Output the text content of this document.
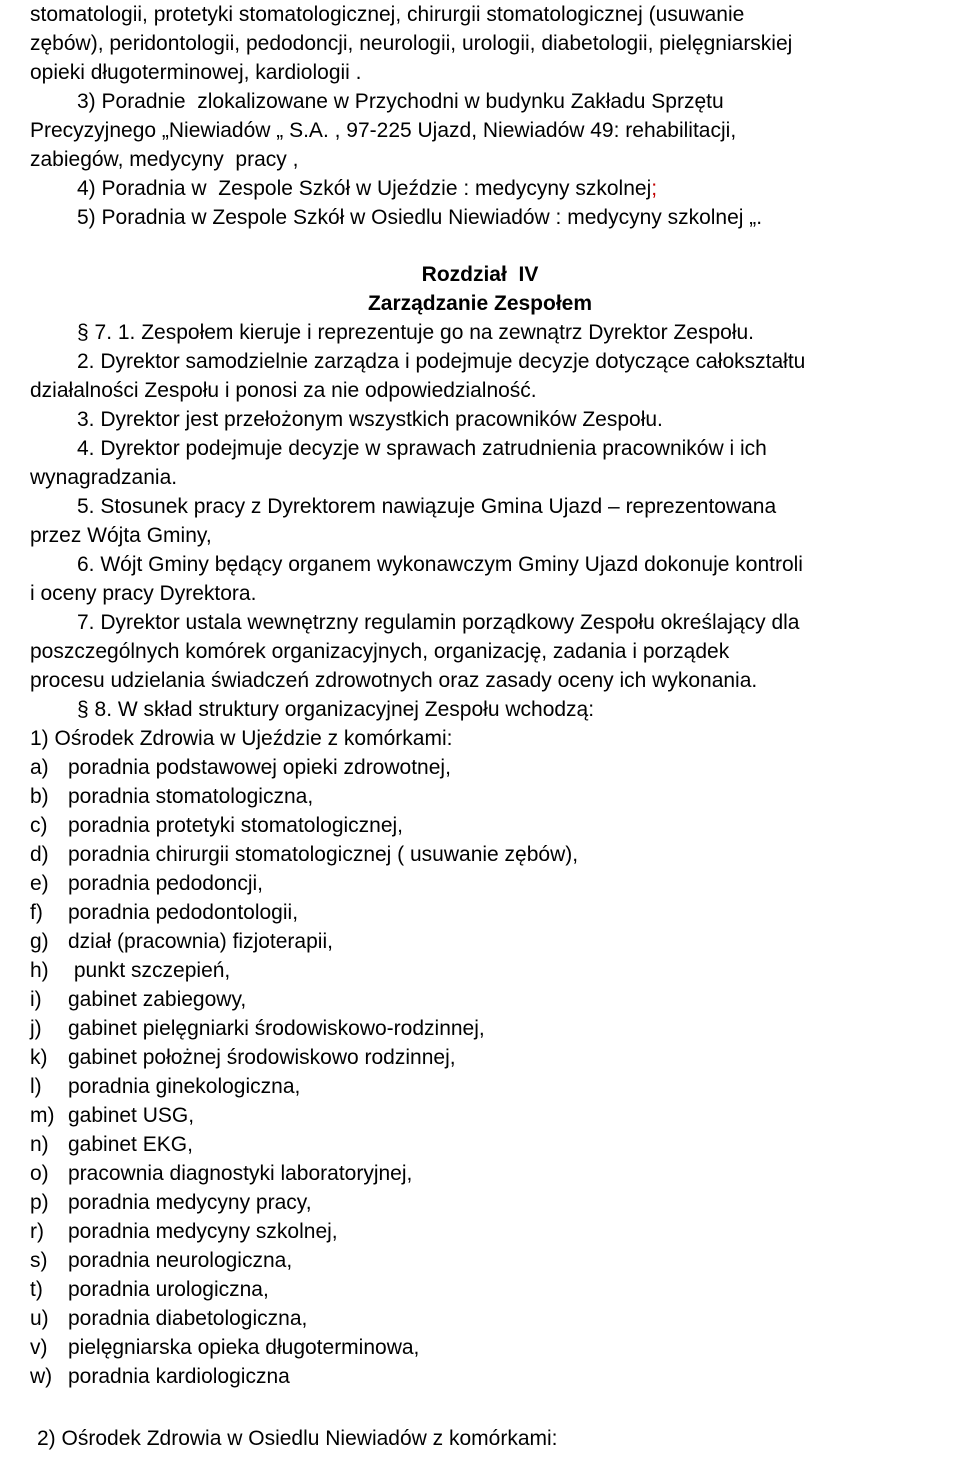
stomatologii, protetyki stomatologicznej, chirurgii stomatologicznej (usuwanie
zębów), peridontologii, pedodoncji, neurologii, urologii, diabetologii, pielęgniarskiej
opieki długoterminowej, kardiologii .
3) Poradnie  zlokalizowane w Przychodni w budynku Zakładu Sprzętu
Precyzyjnego „Niewiadów „ S.A. , 97-225 Ujazd, Niewiadów 49: rehabilitacji,
zabiegów, medycyny  pracy ,
4) Poradnia w  Zespole Szkół w Ujeździe : medycyny szkolnej;
5) Poradnia w Zespole Szkół w Osiedlu Niewiadów : medycyny szkolnej „.
Rozdział  IV
Zarządzanie Zespołem
§ 7. 1. Zespołem kieruje i reprezentuje go na zewnątrz Dyrektor Zespołu.
2. Dyrektor samodzielnie zarządza i podejmuje decyzje dotyczące całokształtu
działalności Zespołu i ponosi za nie odpowiedzialność.
3. Dyrektor jest przełożonym wszystkich pracowników Zespołu.
4. Dyrektor podejmuje decyzje w sprawach zatrudnienia pracowników i ich
wynagradzania.
5. Stosunek pracy z Dyrektorem nawiązuje Gmina Ujazd – reprezentowana
przez Wójta Gminy,
6. Wójt Gminy będący organem wykonawczym Gminy Ujazd dokonuje kontroli
i oceny pracy Dyrektora.
7. Dyrektor ustala wewnętrzny regulamin porządkowy Zespołu określający dla
poszczególnych komórek organizacyjnych, organizację, zadania i porządek
procesu udzielania świadczeń zdrowotnych oraz zasady oceny ich wykonania.
§ 8. W skład struktury organizacyjnej Zespołu wchodzą:
1) Ośrodek Zdrowia w Ujeździe z komórkami:
a) poradnia podstawowej opieki zdrowotnej,
b) poradnia stomatologiczna,
c) poradnia protetyki stomatologicznej,
d) poradnia chirurgii stomatologicznej ( usuwanie zębów),
e) poradnia pedodoncji,
f) poradnia pedodontologii,
g) dział (pracownia) fizjoterapii,
h) punkt szczepień,
i) gabinet zabiegowy,
j) gabinet pielęgniarki środowiskowo-rodzinnej,
k) gabinet położnej środowiskowo rodzinnej,
l) poradnia ginekologiczna,
m) gabinet USG,
n) gabinet EKG,
o) pracownia diagnostyki laboratoryjnej,
p) poradnia medycyny pracy,
r) poradnia medycyny szkolnej,
s) poradnia neurologiczna,
t) poradnia urologiczna,
u) poradnia diabetologiczna,
v) pielęgniarska opieka długoterminowa,
w) poradnia kardiologiczna
2) Ośrodek Zdrowia w Osiedlu Niewiadów z komórkami:
